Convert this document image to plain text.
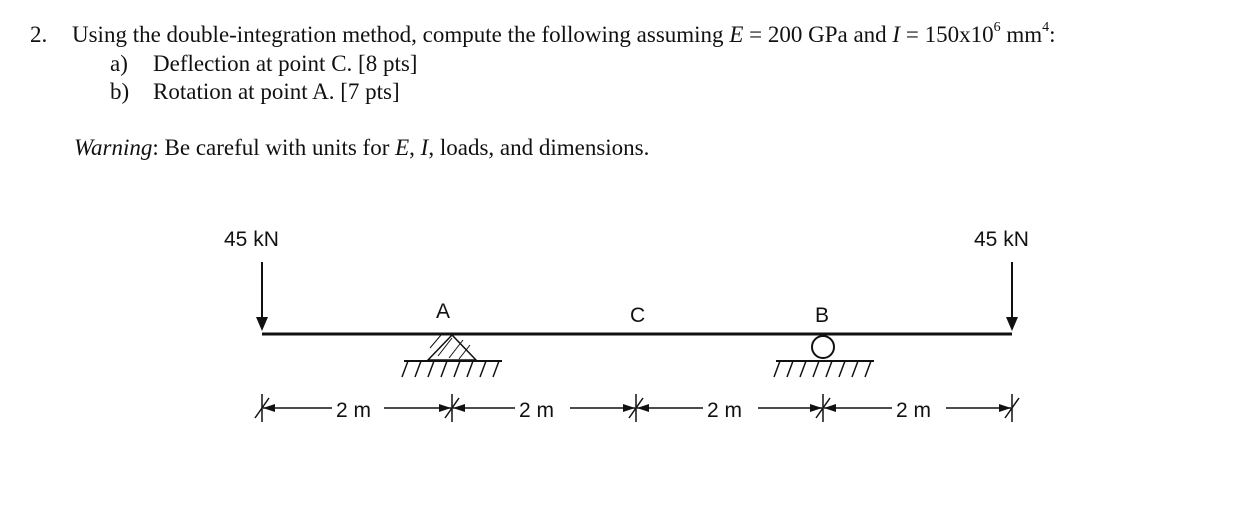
2. Using the double-integration method, compute the following assuming E = 200 GPa and $I = 150x10^6$ $mm^4$:
a) Deflection at point C. [8 pts]
b) Rotation at point A. [7 pts]
Warning: Be careful with units for E, I, loads, and dimensions.
45 kN	45 kN
A	C	B
2 m	2 m	2 m	2 m
